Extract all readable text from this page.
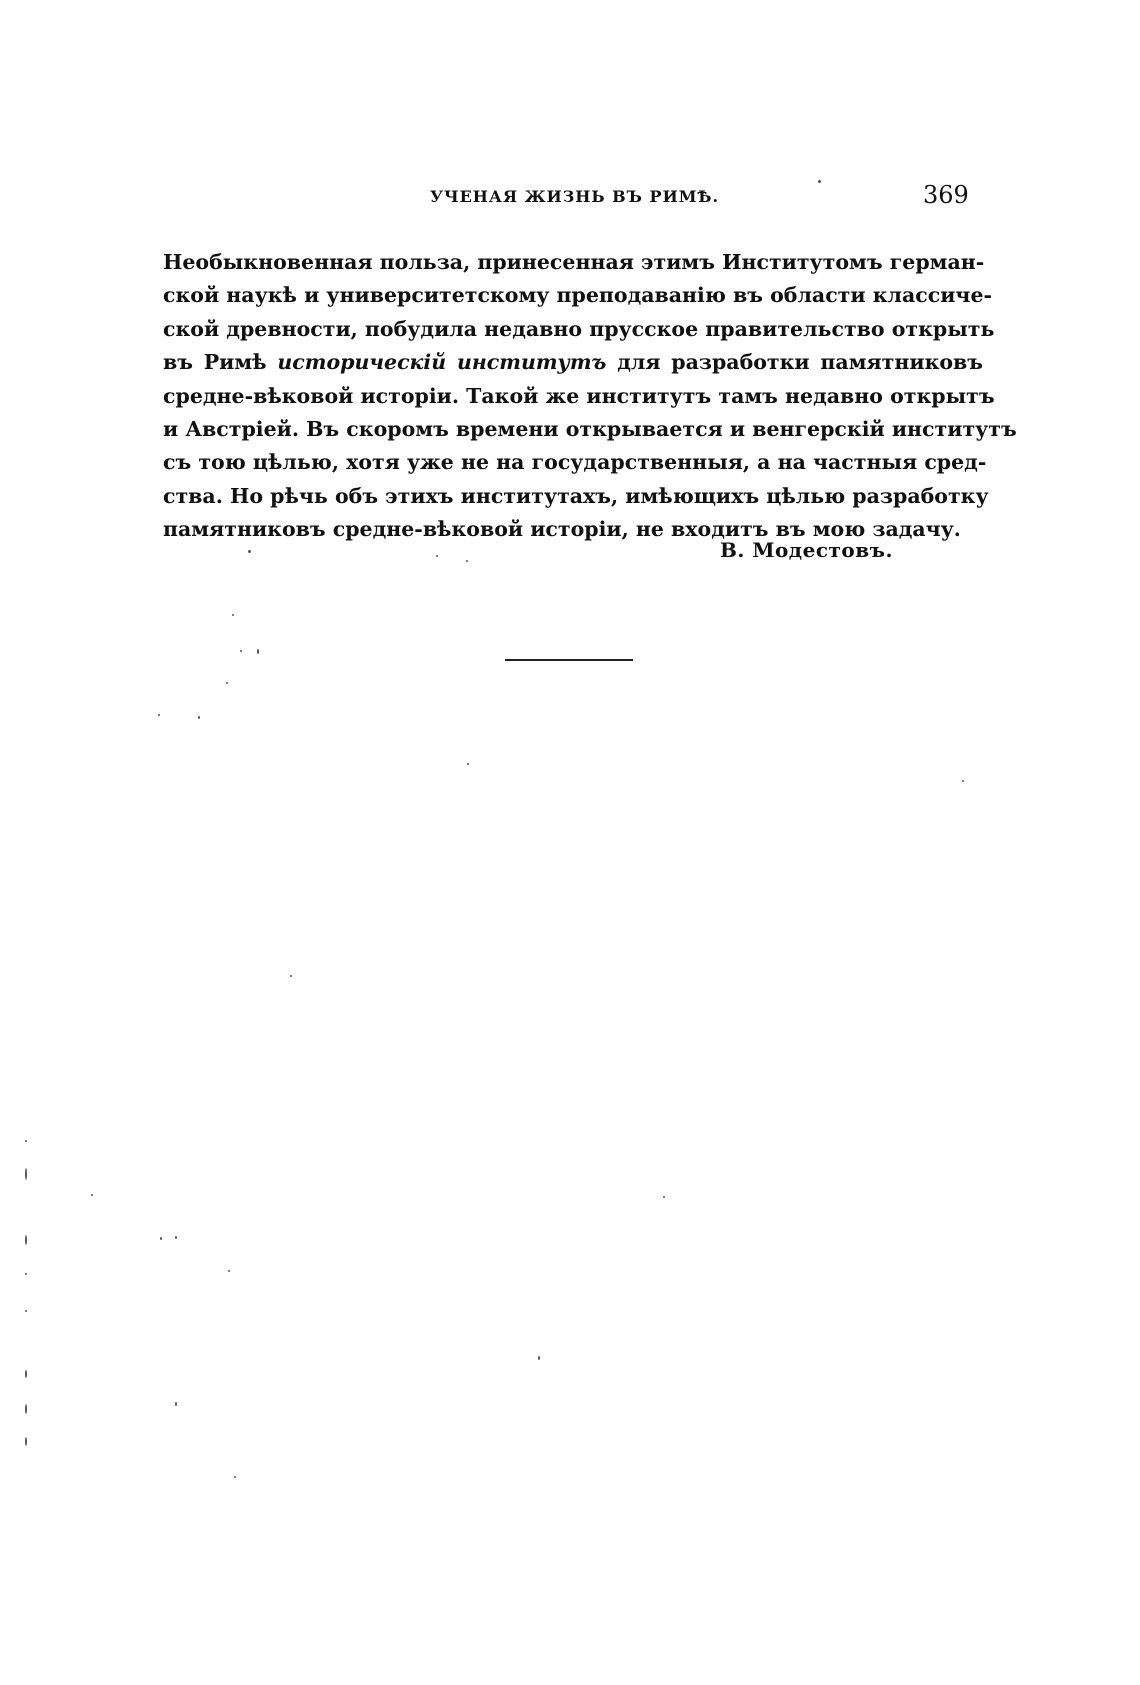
УЧЕНАЯ ЖИЗНЬ ВЪ РИМѢ.	369
Необыкновенная польза, принесенная этимъ Институтомъ герман-
ской наукѣ и университетскому преподаванію въ области классиче-
ской древности, побудила недавно прусское правительство открыть
въ Римѣ историческій институтъ для разработки памятниковъ
средне-вѣковой исторіи. Такой же институтъ тамъ недавно открытъ
и Австріей. Въ скоромъ времени открывается и венгерскій институтъ
съ тою цѣлью, хотя уже не на государственныя, а на частныя сред-
ства. Но рѣчь объ этихъ институтахъ, имѣющихъ цѣлью разработку
памятниковъ средне-вѣковой исторіи, не входитъ въ мою задачу.
В. Модестовъ.
